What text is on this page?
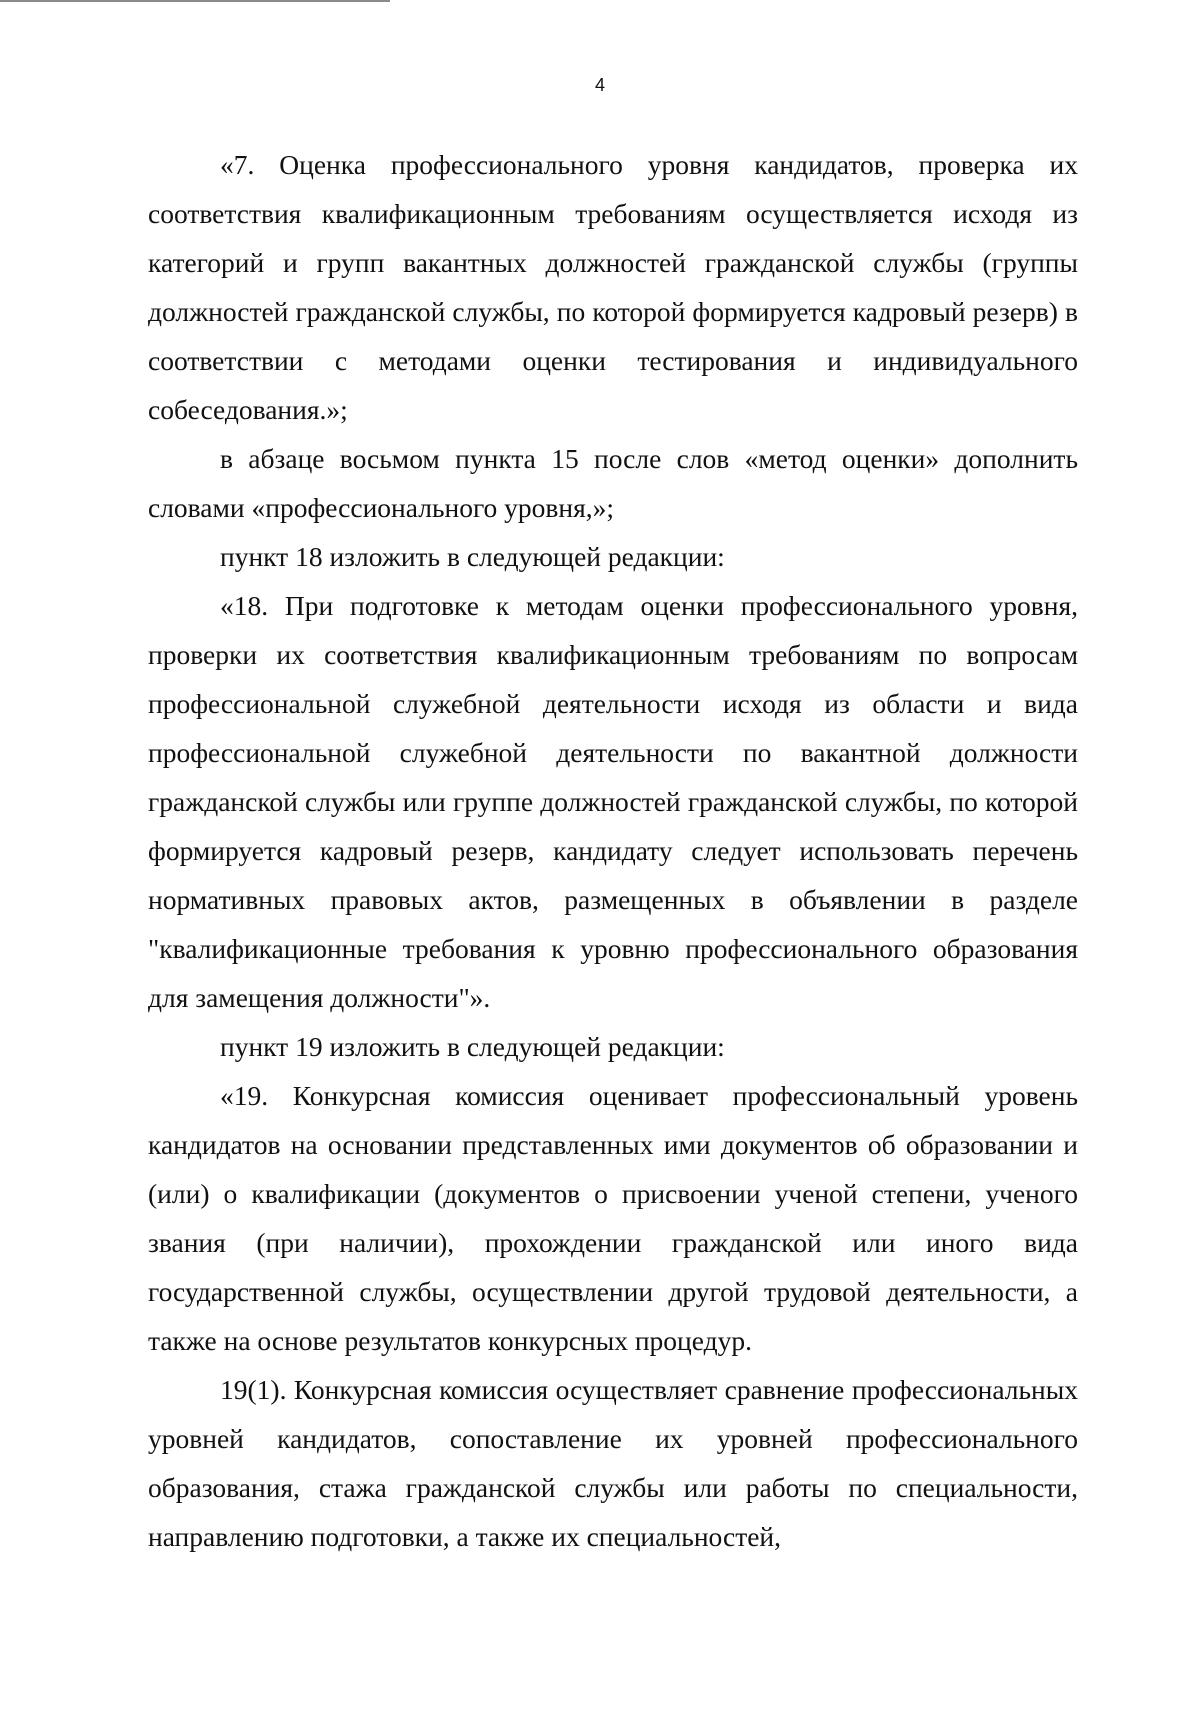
4

«7. Оценка профессионального уровня кандидатов, проверка их соответствия квалификационным требованиям осуществляется исходя из категорий и групп вакантных должностей гражданской службы (группы должностей гражданской службы, по которой формируется кадровый резерв) в соответствии с методами оценки тестирования и индивидуального собеседования.»;

в абзаце восьмом пункта 15 после слов «метод оценки» дополнить словами «профессионального уровня,»;

пункт 18 изложить в следующей редакции:

«18. При подготовке к методам оценки профессионального уровня, проверки их соответствия квалификационным требованиям по вопросам профессиональной служебной деятельности исходя из области и вида профессиональной служебной деятельности по вакантной должности гражданской службы или группе должностей гражданской службы, по которой формируется кадровый резерв, кандидату следует использовать перечень нормативных правовых актов, размещенных в объявлении в разделе "квалификационные требования к уровню профессионального образования для замещения должности"».

пункт 19 изложить в следующей редакции:

«19. Конкурсная комиссия оценивает профессиональный уровень кандидатов на основании представленных ими документов об образовании и (или) о квалификации (документов о присвоении ученой степени, ученого звания (при наличии), прохождении гражданской или иного вида государственной службы, осуществлении другой трудовой деятельности, а также на основе результатов конкурсных процедур.

19(1). Конкурсная комиссия осуществляет сравнение профессиональных уровней кандидатов, сопоставление их уровней профессионального образования, стажа гражданской службы или работы по специальности, направлению подготовки, а также их специальностей,
